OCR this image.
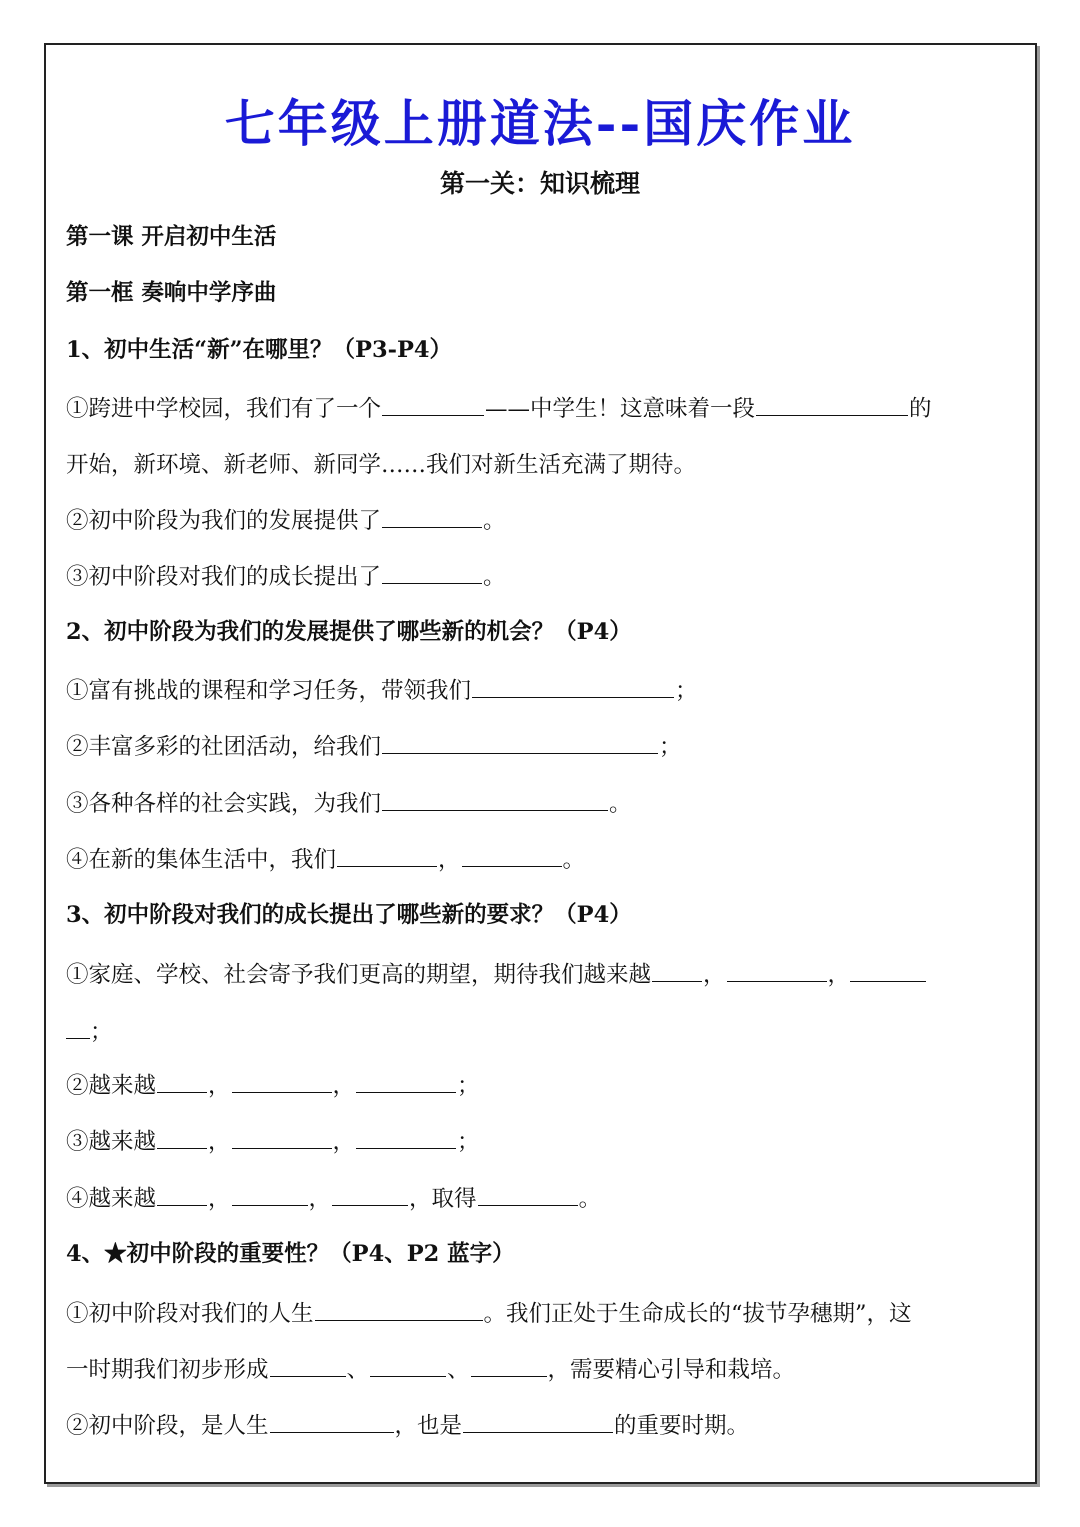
七年级上册道法--国庆作业
第一关：知识梳理
第一课 开启初中生活
第一框 奏响中学序曲
1、初中生活“新”在哪里？（P3-P4）
①跨进中学校园，我们有了一个	——中学生！这意味着一段	的
开始，新环境、新老师、新同学……我们对新生活充满了期待。
②初中阶段为我们的发展提供了	。
③初中阶段对我们的成长提出了	。
2、初中阶段为我们的发展提供了哪些新的机会？（P4）
①富有挑战的课程和学习任务，带领我们	；
②丰富多彩的社团活动，给我们	；
③各种各样的社会实践，为我们	。
④在新的集体生活中，我们	，	。
3、初中阶段对我们的成长提出了哪些新的要求？（P4）
①家庭、学校、社会寄予我们更高的期望，期待我们越来越 ，	，
；
②越来越 ，	，	；
③越来越 ，	，	；
④越来越 ，	，	，取得	。
4、★初中阶段的重要性？（P4、P2 蓝字）
①初中阶段对我们的人生	。我们正处于生命成长的“拔节孕穗期”，这
一时期我们初步形成	、	、	，需要精心引导和栽培。
②初中阶段，是人生	，也是	的重要时期。
